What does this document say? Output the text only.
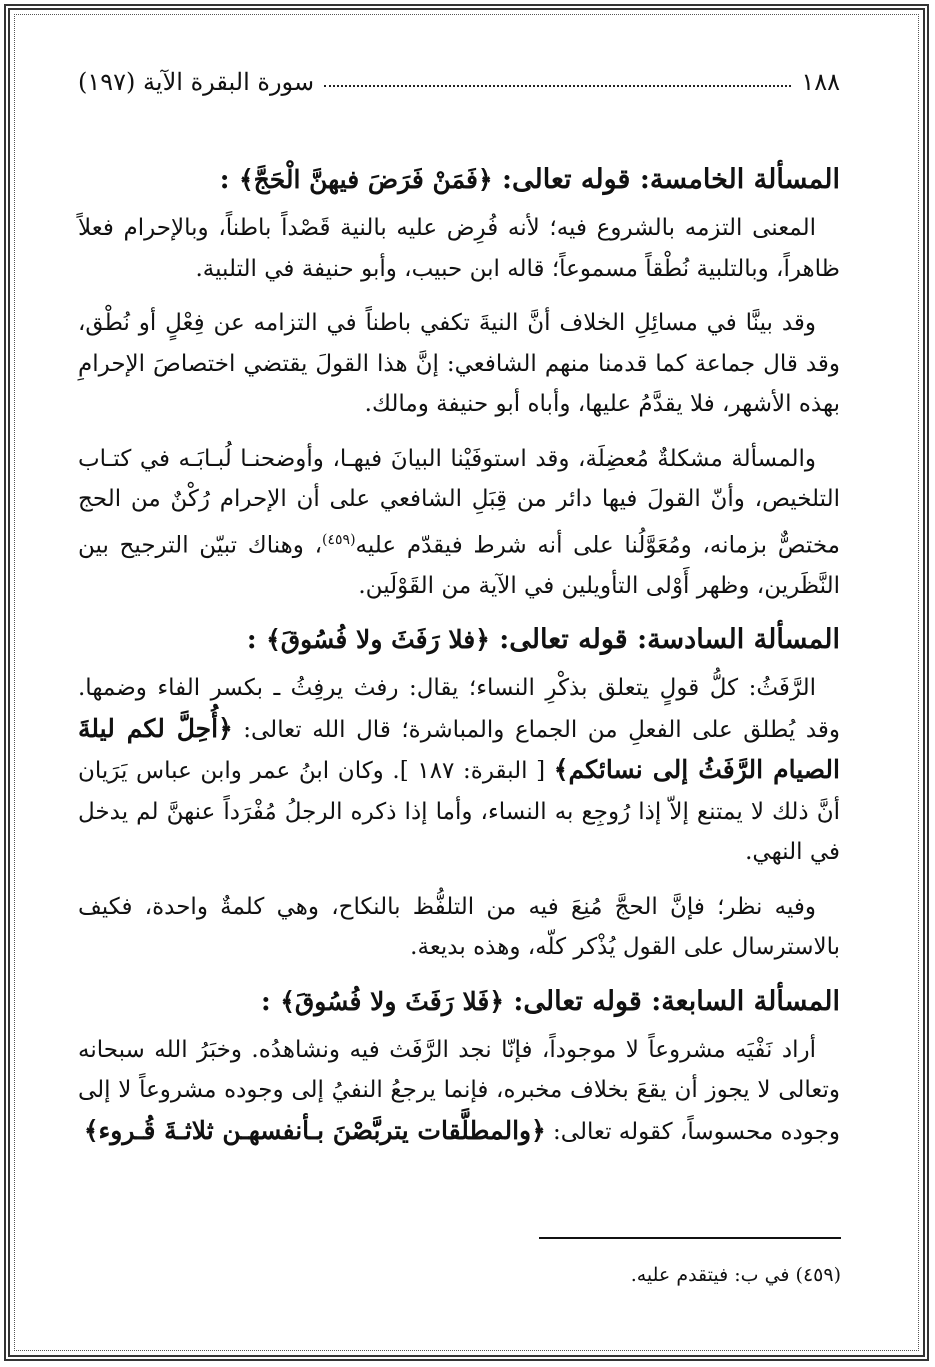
١٨٨
سورة البقرة الآية (١٩٧)
المسألة الخامسة: قوله تعالى: ﴿فَمَنْ فَرَضَ فيهنَّ الْحَجَّ﴾ :

المعنى التزمه بالشروع فيه؛ لأنه فُرِض عليه بالنية قَصْداً باطناً، وبالإحرام فعلاً ظاهراً، وبالتلبية نُطْقاً مسموعاً؛ قاله ابن حبيب، وأبو حنيفة في التلبية.

وقد بينَّا في مسائِلِ الخلاف أنَّ النيةَ تكفي باطناً في التزامه عن فِعْلٍ أو نُطْق، وقد قال جماعة كما قدمنا منهم الشافعي: إنَّ هذا القولَ يقتضي اختصاصَ الإحرامِ بهذه الأشهر، فلا يقدَّمُ عليها، وأباه أبو حنيفة ومالك.

والمسألة مشكلةٌ مُعضِلَة، وقد استوفَيْنا البيانَ فيهـا، وأوضحنـا لُبـابَـه في كتـاب التلخيص، وأنّ القولَ فيها دائر من قِبَلِ الشافعي على أن الإحرام رُكْنٌ من الحج مختصٌّ بزمانه، ومُعَوَّلُنا على أنه شرط فيقدّم عليه$^{(٤٥٩)}$، وهناك تبيّن الترجيح بين النَّظَرين، وظهر أَوْلى التأويلين في الآية من القَوْلَين.

المسألة السادسة: قوله تعالى: ﴿فلا رَفَثَ ولا فُسُوقَ﴾ :

الرَّفَثُ: كلُّ قولٍ يتعلق بذكْرِ النساء؛ يقال: رفث يرفِثُ ـ بكسر الفاء وضمها. وقد يُطلق على الفعلِ من الجماع والمباشرة؛ قال الله تعالى: ﴿أُحِلَّ لكم ليلةَ الصيام الرَّفَثُ إلى نسائكم﴾ [ البقرة: ١٨٧ ]. وكان ابنُ عمر وابن عباس يَرَيان أنَّ ذلك لا يمتنع إلاّ إذا رُوجِع به النساء، وأما إذا ذكره الرجلُ مُفْرَداً عنهنَّ لم يدخل في النهي.

وفيه نظر؛ فإنَّ الحجَّ مُنِعَ فيه من التلفُّظ بالنكاح، وهي كلمةٌ واحدة، فكيف بالاسترسال على القول يُذْكر كلّه، وهذه بديعة.

المسألة السابعة: قوله تعالى: ﴿فَلا رَفَثَ ولا فُسُوقَ﴾ :

أراد نَفْيَه مشروعاً لا موجوداً، فإنّا نجد الرَّفَث فيه ونشاهدُه. وخبَرُ الله سبحانه وتعالى لا يجوز أن يقعَ بخلاف مخبره، فإنما يرجعُ النفيُ إلى وجوده مشروعاً لا إلى وجوده محسوساً، كقوله تعالى: ﴿والمطلَّقات يتربَّصْنَ بـأنفسهـن ثلاثـةَ قُـروء﴾

(٤٥٩) في ب: فيتقدم عليه.
